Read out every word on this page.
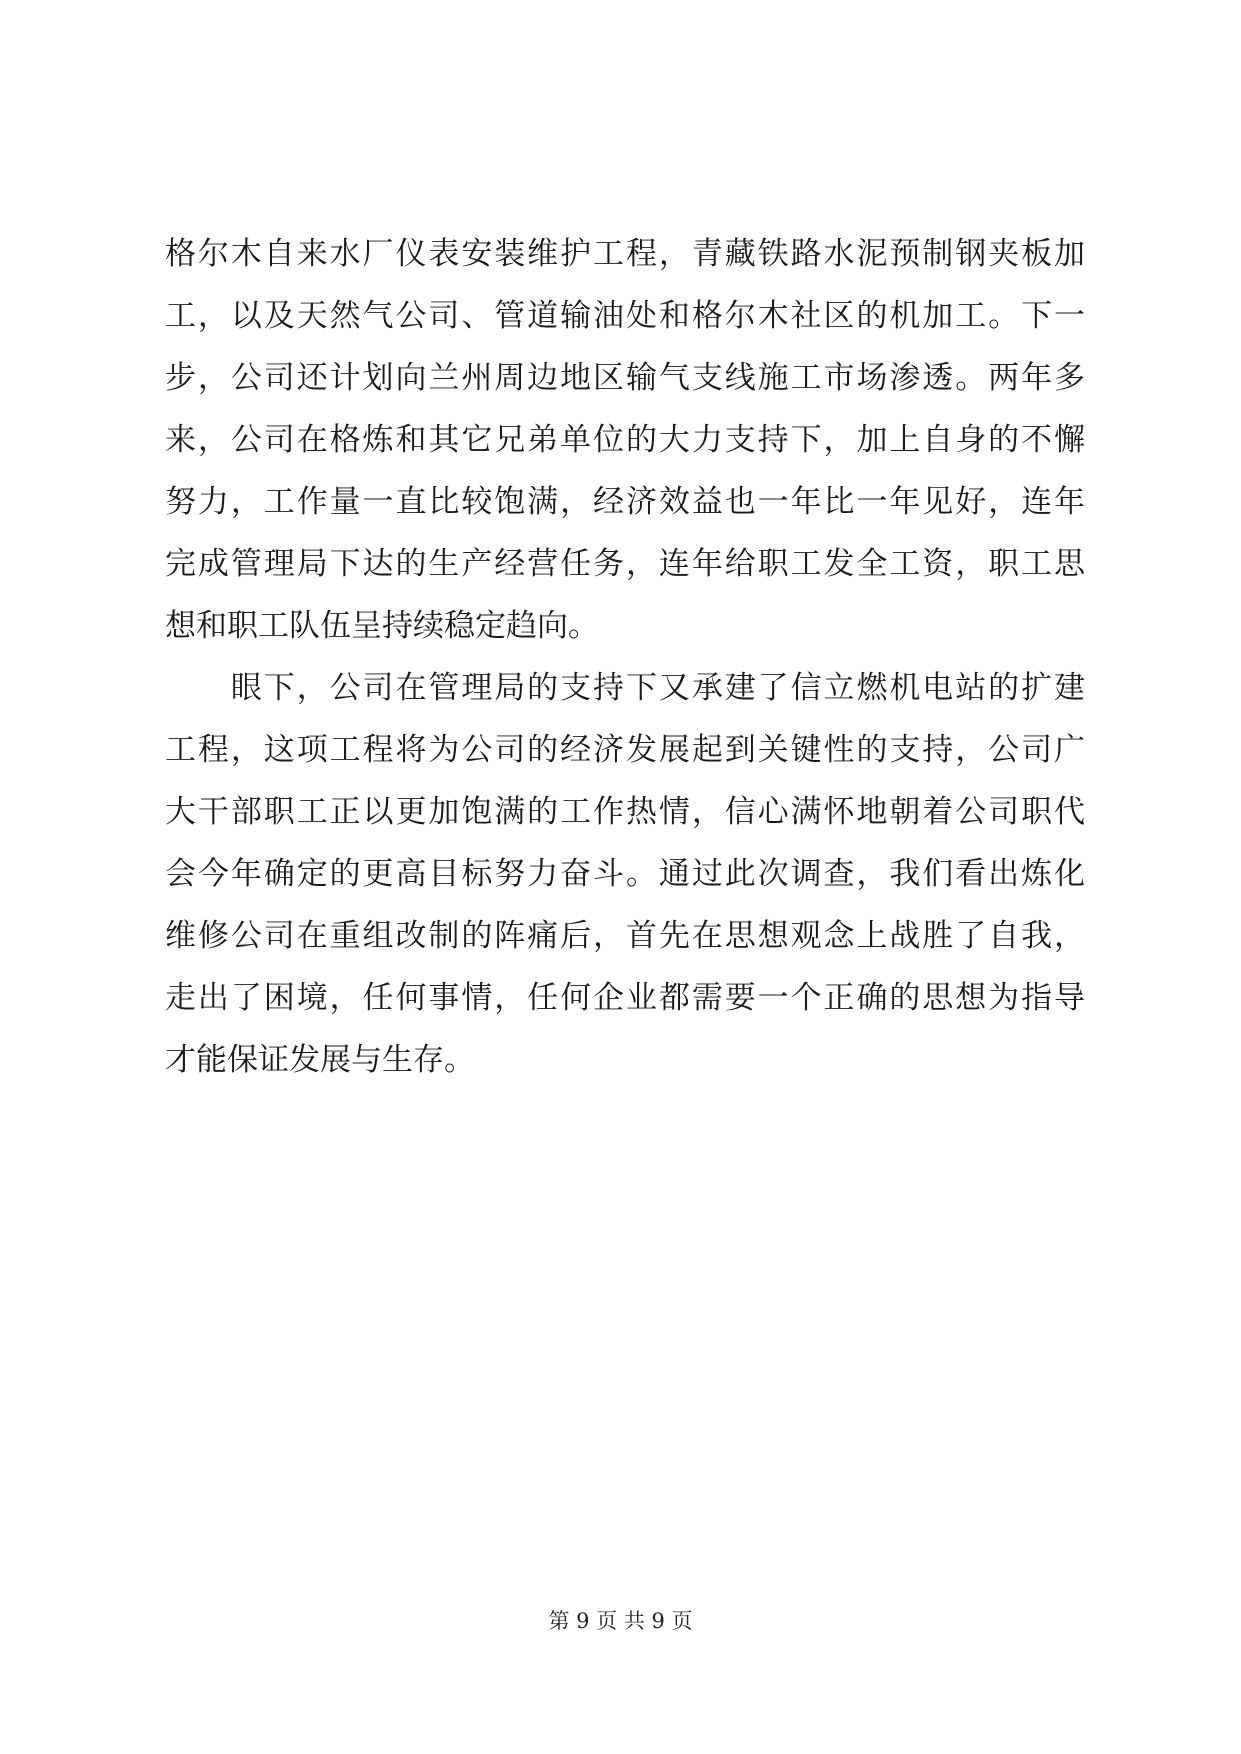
格尔木自来水厂仪表安装维护工程，青藏铁路水泥预制钢夹板加
工，以及天然气公司、管道输油处和格尔木社区的机加工。下一
步，公司还计划向兰州周边地区输气支线施工市场渗透。两年多
来，公司在格炼和其它兄弟单位的大力支持下，加上自身的不懈
努力，工作量一直比较饱满，经济效益也一年比一年见好，连年
完成管理局下达的生产经营任务，连年给职工发全工资，职工思
想和职工队伍呈持续稳定趋向。
　　眼下，公司在管理局的支持下又承建了信立燃机电站的扩建
工程，这项工程将为公司的经济发展起到关键性的支持，公司广
大干部职工正以更加饱满的工作热情，信心满怀地朝着公司职代
会今年确定的更高目标努力奋斗。通过此次调查，我们看出炼化
维修公司在重组改制的阵痛后，首先在思想观念上战胜了自我，
走出了困境，任何事情，任何企业都需要一个正确的思想为指导
才能保证发展与生存。
第 9 页 共 9 页
